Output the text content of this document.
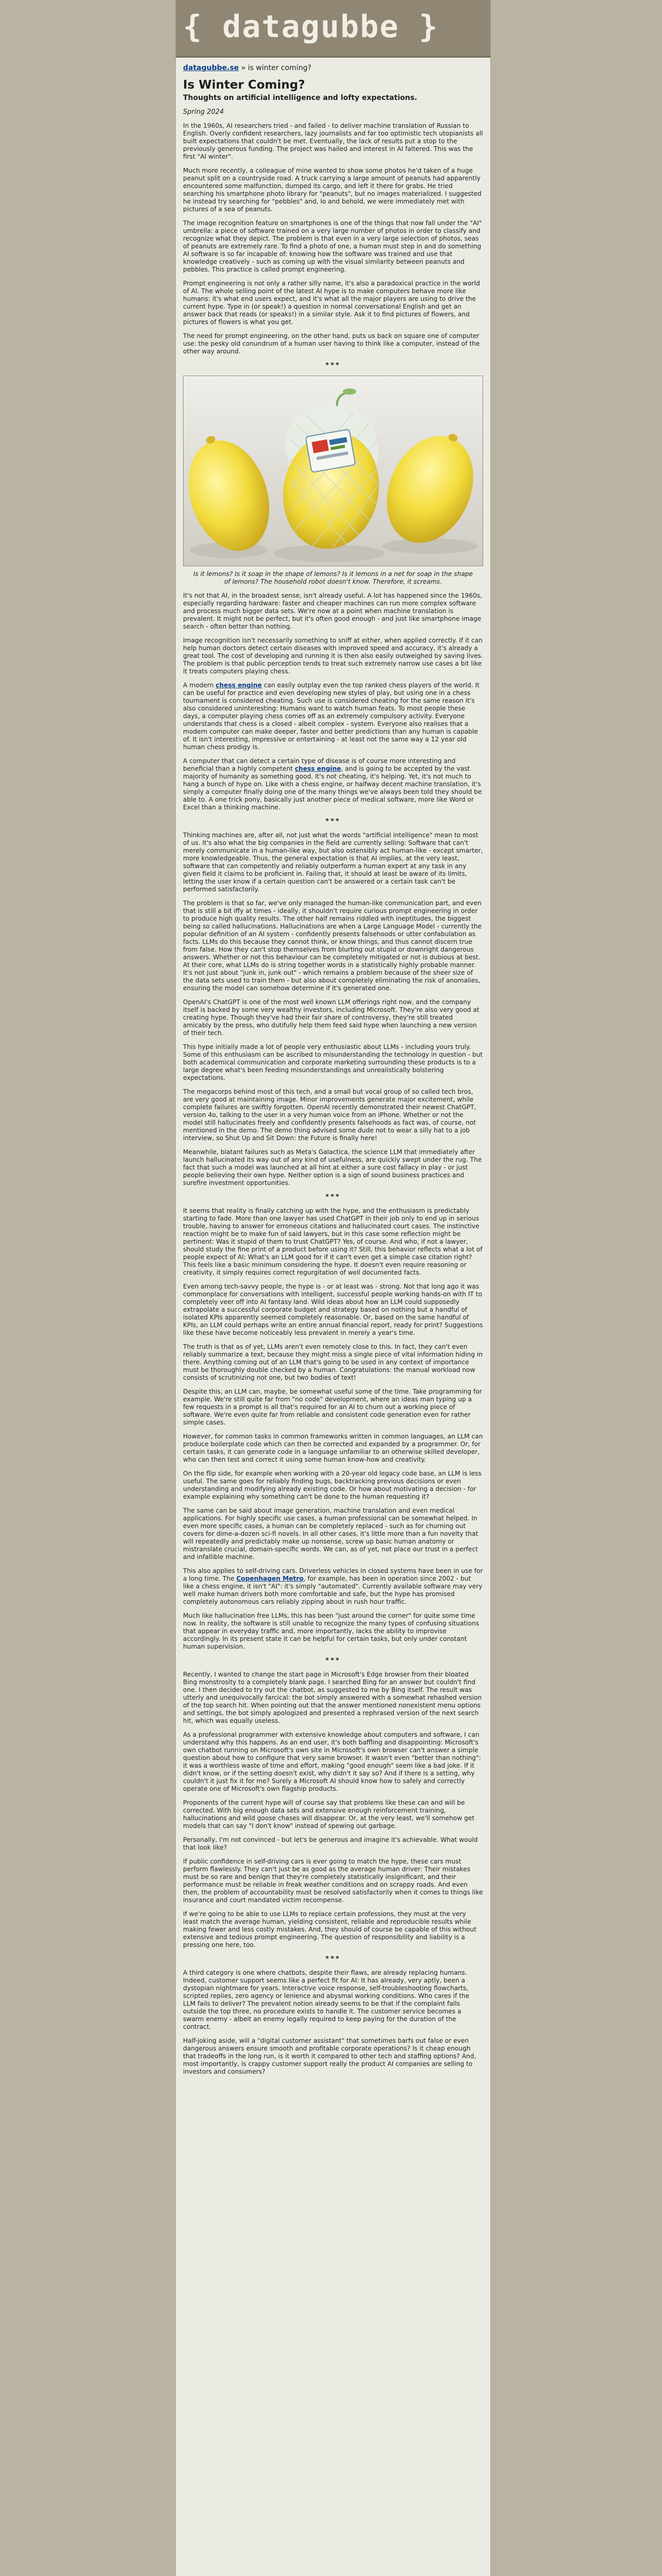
{ datagubbe }
datagubbe.se » is winter coming?
Is Winter Coming?
Thoughts on artificial intelligence and lofty expectations.
Spring 2024

In the 1960s, AI researchers tried - and failed - to deliver machine translation of Russian to English. Overly confident researchers, lazy journalists and far too optimistic tech utopianists all built expectations that couldn't be met. Eventually, the lack of results put a stop to the previously generous funding. The project was hailed and interest in AI faltered. This was the first "AI winter".

Much more recently, a colleague of mine wanted to show some photos he'd taken of a huge peanut split on a countryside road. A truck carrying a large amount of peanuts had apparently encountered some malfunction, dumped its cargo, and left it there for grabs. He tried searching his smartphone photo library for "peanuts", but no images materialized. I suggested he instead try searching for "pebbles" and, lo and behold, we were immediately met with pictures of a sea of peanuts.

The image recognition feature on smartphones is one of the things that now fall under the "AI" umbrella: a piece of software trained on a very large number of photos in order to classify and recognize what they depict. The problem is that even in a very large selection of photos, seas of peanuts are extremely rare. To find a photo of one, a human must step in and do something AI software is so far incapable of: knowing how the software was trained and use that knowledge creatively - such as coming up with the visual similarity between peanuts and pebbles. This practice is called prompt engineering.

Prompt engineering is not only a rather silly name, it's also a paradoxical practice in the world of AI. The whole selling point of the latest AI hype is to make computers behave more like humans: it's what end users expect, and it's what all the major players are using to drive the current hype. Type in (or speak!) a question in normal conversational English and get an answer back that reads (or speaks!) in a similar style. Ask it to find pictures of flowers, and pictures of flowers is what you get.

The need for prompt engineering, on the other hand, puts us back on square one of computer use: the pesky old conundrum of a human user having to think like a computer, instead of the other way around.

***
Is it lemons? Is it soap in the shape of lemons? Is it lemons in a net for soap in the shape of lemons? The household robot doesn't know. Therefore, it screams.

It's not that AI, in the broadest sense, isn't already useful. A lot has happened since the 1960s, especially regarding hardware: faster and cheaper machines can run more complex software and process much bigger data sets. We're now at a point when machine translation is prevalent. It might not be perfect, but it's often good enough - and just like smartphone image search - often better than nothing.

Image recognition isn't necessarily something to sniff at either, when applied correctly. If it can help human doctors detect certain diseases with improved speed and accuracy, it's already a great tool. The cost of developing and running it is then also easily outweighed by saving lives. The problem is that public perception tends to treat such extremely narrow use cases a bit like it treats computers playing chess.

A modern chess engine can easily outplay even the top ranked chess players of the world. It can be useful for practice and even developing new styles of play, but using one in a chess tournament is considered cheating. Such use is considered cheating for the same reason it's also considered uninteresting: Humans want to watch human feats. To most people these days, a computer playing chess comes off as an extremely compulsory activity. Everyone understands that chess is a closed - albeit complex - system. Everyone also realises that a modern computer can make deeper, faster and better predictions than any human is capable of. It isn't interesting, impressive or entertaining - at least not the same way a 12 year old human chess prodigy is.

A computer that can detect a certain type of disease is of course more interesting and beneficial than a highly competent chess engine, and is going to be accepted by the vast majority of humanity as something good. It's not cheating, it's helping. Yet, it's not much to hang a bunch of hype on. Like with a chess engine, or halfway decent machine translation, it's simply a computer finally doing one of the many things we've always been told they should be able to. A one trick pony, basically just another piece of medical software, more like Word or Excel than a thinking machine.

***

Thinking machines are, after all, not just what the words "artificial intelligence" mean to most of us. It's also what the big companies in the field are currently selling: Software that can't merely communicate in a human-like way, but also ostensibly act human-like - except smarter, more knowledgeable. Thus, the general expectation is that AI implies, at the very least, software that can competently and reliably outperform a human expert at any task in any given field it claims to be proficient in. Failing that, it should at least be aware of its limits, letting the user know if a certain question can't be answered or a certain task can't be performed satisfactorily.

The problem is that so far, we've only managed the human-like communication part, and even that is still a bit iffy at times - ideally, it shouldn't require curious prompt engineering in order to produce high quality results. The other half remains riddled with ineptitudes, the biggest being so called hallucinations. Hallucinations are when a Large Language Model - currently the popular definition of an AI system - confidently presents falsehoods or utter confabulation as facts. LLMs do this because they cannot think, or know things, and thus cannot discern true from false. How they can't stop themselves from blurting out stupid or downright dangerous answers. Whether or not this behaviour can be completely mitigated or not is dubious at best. At their core, what LLMs do is string together words in a statistically highly probable manner. It's not just about "junk in, junk out" - which remains a problem because of the sheer size of the data sets used to train them - but also about completely eliminating the risk of anomalies, ensuring the model can somehow determine if it's generated one.

OpenAI's ChatGPT is one of the most well known LLM offerings right now, and the company itself is backed by some very wealthy investors, including Microsoft. They're also very good at creating hype. Though they've had their fair share of controversy, they're still treated amicably by the press, who dutifully help them feed said hype when launching a new version of their tech.

This hype initially made a lot of people very enthusiastic about LLMs - including yours truly. Some of this enthusiasm can be ascribed to misunderstanding the technology in question - but both academical communication and corporate marketing surrounding these products is to a large degree what's been feeding misunderstandings and unrealistically bolstering expectations.

The megacorps behind most of this tech, and a small but vocal group of so called tech bros, are very good at maintaining image. Minor improvements generate major excitement, while complete failures are swiftly forgotten. OpenAI recently demonstrated their newest ChatGPT, version 4o, talking to the user in a very human voice from an iPhone. Whether or not the model still hallucinates freely and confidently presents falsehoods as fact was, of course, not mentioned in the demo. The demo thing advised some dude not to wear a silly hat to a job interview, so Shut Up and Sit Down: the Future is finally here!

Meanwhile, blatant failures such as Meta's Galactica, the science LLM that immediately after launch hallucinated its way out of any kind of usefulness, are quickly swept under the rug. The fact that such a model was launched at all hint at either a sure cost fallacy in play - or just people believing their own hype. Neither option is a sign of sound business practices and surefire investment opportunities.

***

It seems that reality is finally catching up with the hype, and the enthusiasm is predictably starting to fade. More than one lawyer has used ChatGPT in their job only to end up in serious trouble, having to answer for erroneous citations and hallucinated court cases. The instinctive reaction might be to make fun of said lawyers, but in this case some reflection might be pertinent: Was it stupid of them to trust ChatGPT? Yes, of course. And who, if not a lawyer, should study the fine print of a product before using it? Still, this behavior reflects what a lot of people expect of AI: What's an LLM good for if it can't even get a simple case citation right? This feels like a basic minimum considering the hype. It doesn't even require reasoning or creativity, it simply requires correct regurgitation of well documented facts.

Even among tech-savvy people, the hype is - or at least was - strong. Not that long ago it was commonplace for conversations with intelligent, successful people working hands-on with IT to completely veer off into AI fantasy land. Wild ideas about how an LLM could supposedly extrapolate a successful corporate budget and strategy based on nothing but a handful of isolated KPIs apparently seemed completely reasonable. Or, based on the same handful of KPIs, an LLM could perhaps write an entire annual financial report, ready for print? Suggestions like these have become noticeably less prevalent in merely a year's time.

The truth is that as of yet, LLMs aren't even remotely close to this. In fact, they can't even reliably summarize a text, because they might miss a single piece of vital information hiding in there. Anything coming out of an LLM that's going to be used in any context of importance must be thoroughly double checked by a human. Congratulations: the manual workload now consists of scrutinizing not one, but two bodies of text!

Despite this, an LLM can, maybe, be somewhat useful some of the time. Take programming for example. We're still quite far from "no code" development, where an ideas man typing up a few requests in a prompt is all that's required for an AI to churn out a working piece of software. We're even quite far from reliable and consistent code generation even for rather simple cases.

However, for common tasks in common frameworks written in common languages, an LLM can produce boilerplate code which can then be corrected and expanded by a programmer. Or, for certain tasks, it can generate code in a language unfamiliar to an otherwise skilled developer, who can then test and correct it using some human know-how and creativity.

On the flip side, for example when working with a 20-year old legacy code base, an LLM is less useful. The same goes for reliably finding bugs, backtracking previous decisions or even understanding and modifying already existing code. Or how about motivating a decision - for example explaining why something can't be done to the human requesting it?

The same can be said about image generation, machine translation and even medical applications. For highly specific use cases, a human professional can be somewhat helped. In even more specific cases, a human can be completely replaced - such as for churning out covers for dime-a-dozen sci-fi novels. In all other cases, it's little more than a fun novelty that will repeatedly and predictably make up nonsense, screw up basic human anatomy or mistranslate crucial, domain-specific words. We can, as of yet, not place our trust in a perfect and infallible machine.

This also applies to self-driving cars. Driverless vehicles in closed systems have been in use for a long time. The Copenhagen Metro, for example, has been in operation since 2002 - but like a chess engine, it isn't "AI": it's simply "automated". Currently available software may very well make human drivers both more comfortable and safe, but the hype has promised completely autonomous cars reliably zipping about in rush hour traffic.

Much like hallucination free LLMs, this has been "just around the corner" for quite some time now. In reality, the software is still unable to recognize the many types of confusing situations that appear in everyday traffic and, more importantly, lacks the ability to improvise accordingly. In its present state it can be helpful for certain tasks, but only under constant human supervision.

***

Recently, I wanted to change the start page in Microsoft's Edge browser from their bloated Bing monstrosity to a completely blank page. I searched Bing for an answer but couldn't find one. I then decided to try out the chatbot, as suggested to me by Bing itself. The result was utterly and unequivocally farcical: the bot simply answered with a somewhat rehashed version of the top search hit. When pointing out that the answer mentioned nonexistent menu options and settings, the bot simply apologized and presented a rephrased version of the next search hit, which was equally useless.

As a professional programmer with extensive knowledge about computers and software, I can understand why this happens. As an end user, it's both baffling and disappointing: Microsoft's own chatbot running on Microsoft's own site in Microsoft's own browser can't answer a simple question about how to configure that very same browser. It wasn't even "better than nothing": it was a worthless waste of time and effort, making "good enough" seem like a bad joke. If it didn't know, or if the setting doesn't exist, why didn't it say so? And if there is a setting, why couldn't it just fix it for me? Surely a Microsoft AI should know how to safely and correctly operate one of Microsoft's own flagship products.

Proponents of the current hype will of course say that problems like these can and will be corrected. With big enough data sets and extensive enough reinforcement training, hallucinations and wild goose chases will disappear. Or, at the very least, we'll somehow get models that can say "I don't know" instead of spewing out garbage.

Personally, I'm not convinced - but let's be generous and imagine it's achievable. What would that look like?

If public confidence in self-driving cars is ever going to match the hype, these cars must perform flawlessly. They can't just be as good as the average human driver: Their mistakes must be so rare and benign that they're completely statistically insignificant, and their performance must be reliable in freak weather conditions and on scrappy roads. And even then, the problem of accountability must be resolved satisfactorily when it comes to things like insurance and court mandated victim recompense.

If we're going to be able to use LLMs to replace certain professions, they must at the very least match the average human, yielding consistent, reliable and reproducible results while making fewer and less costly mistakes. And, they should of course be capable of this without extensive and tedious prompt engineering. The question of responsibility and liability is a pressing one here, too.

***

A third category is one where chatbots, despite their flaws, are already replacing humans. Indeed, customer support seems like a perfect fit for AI: It has already, very aptly, been a dystopian nightmare for years. Interactive voice response, self-troubleshooting flowcharts, scripted replies, zero agency or lenience and abysmal working conditions. Who cares if the LLM fails to deliver? The prevalent notion already seems to be that if the complaint falls outside the top three, no procedure exists to handle it. The customer service becomes a swarm enemy - albeit an enemy legally required to keep paying for the duration of the contract.

Half-joking aside, will a "digital customer assistant" that sometimes barfs out false or even dangerous answers ensure smooth and profitable corporate operations? Is it cheap enough that tradeoffs in the long run, is it worth it compared to other tech and staffing options? And, most importantly, is crappy customer support really the product AI companies are selling to investors and consumers?
